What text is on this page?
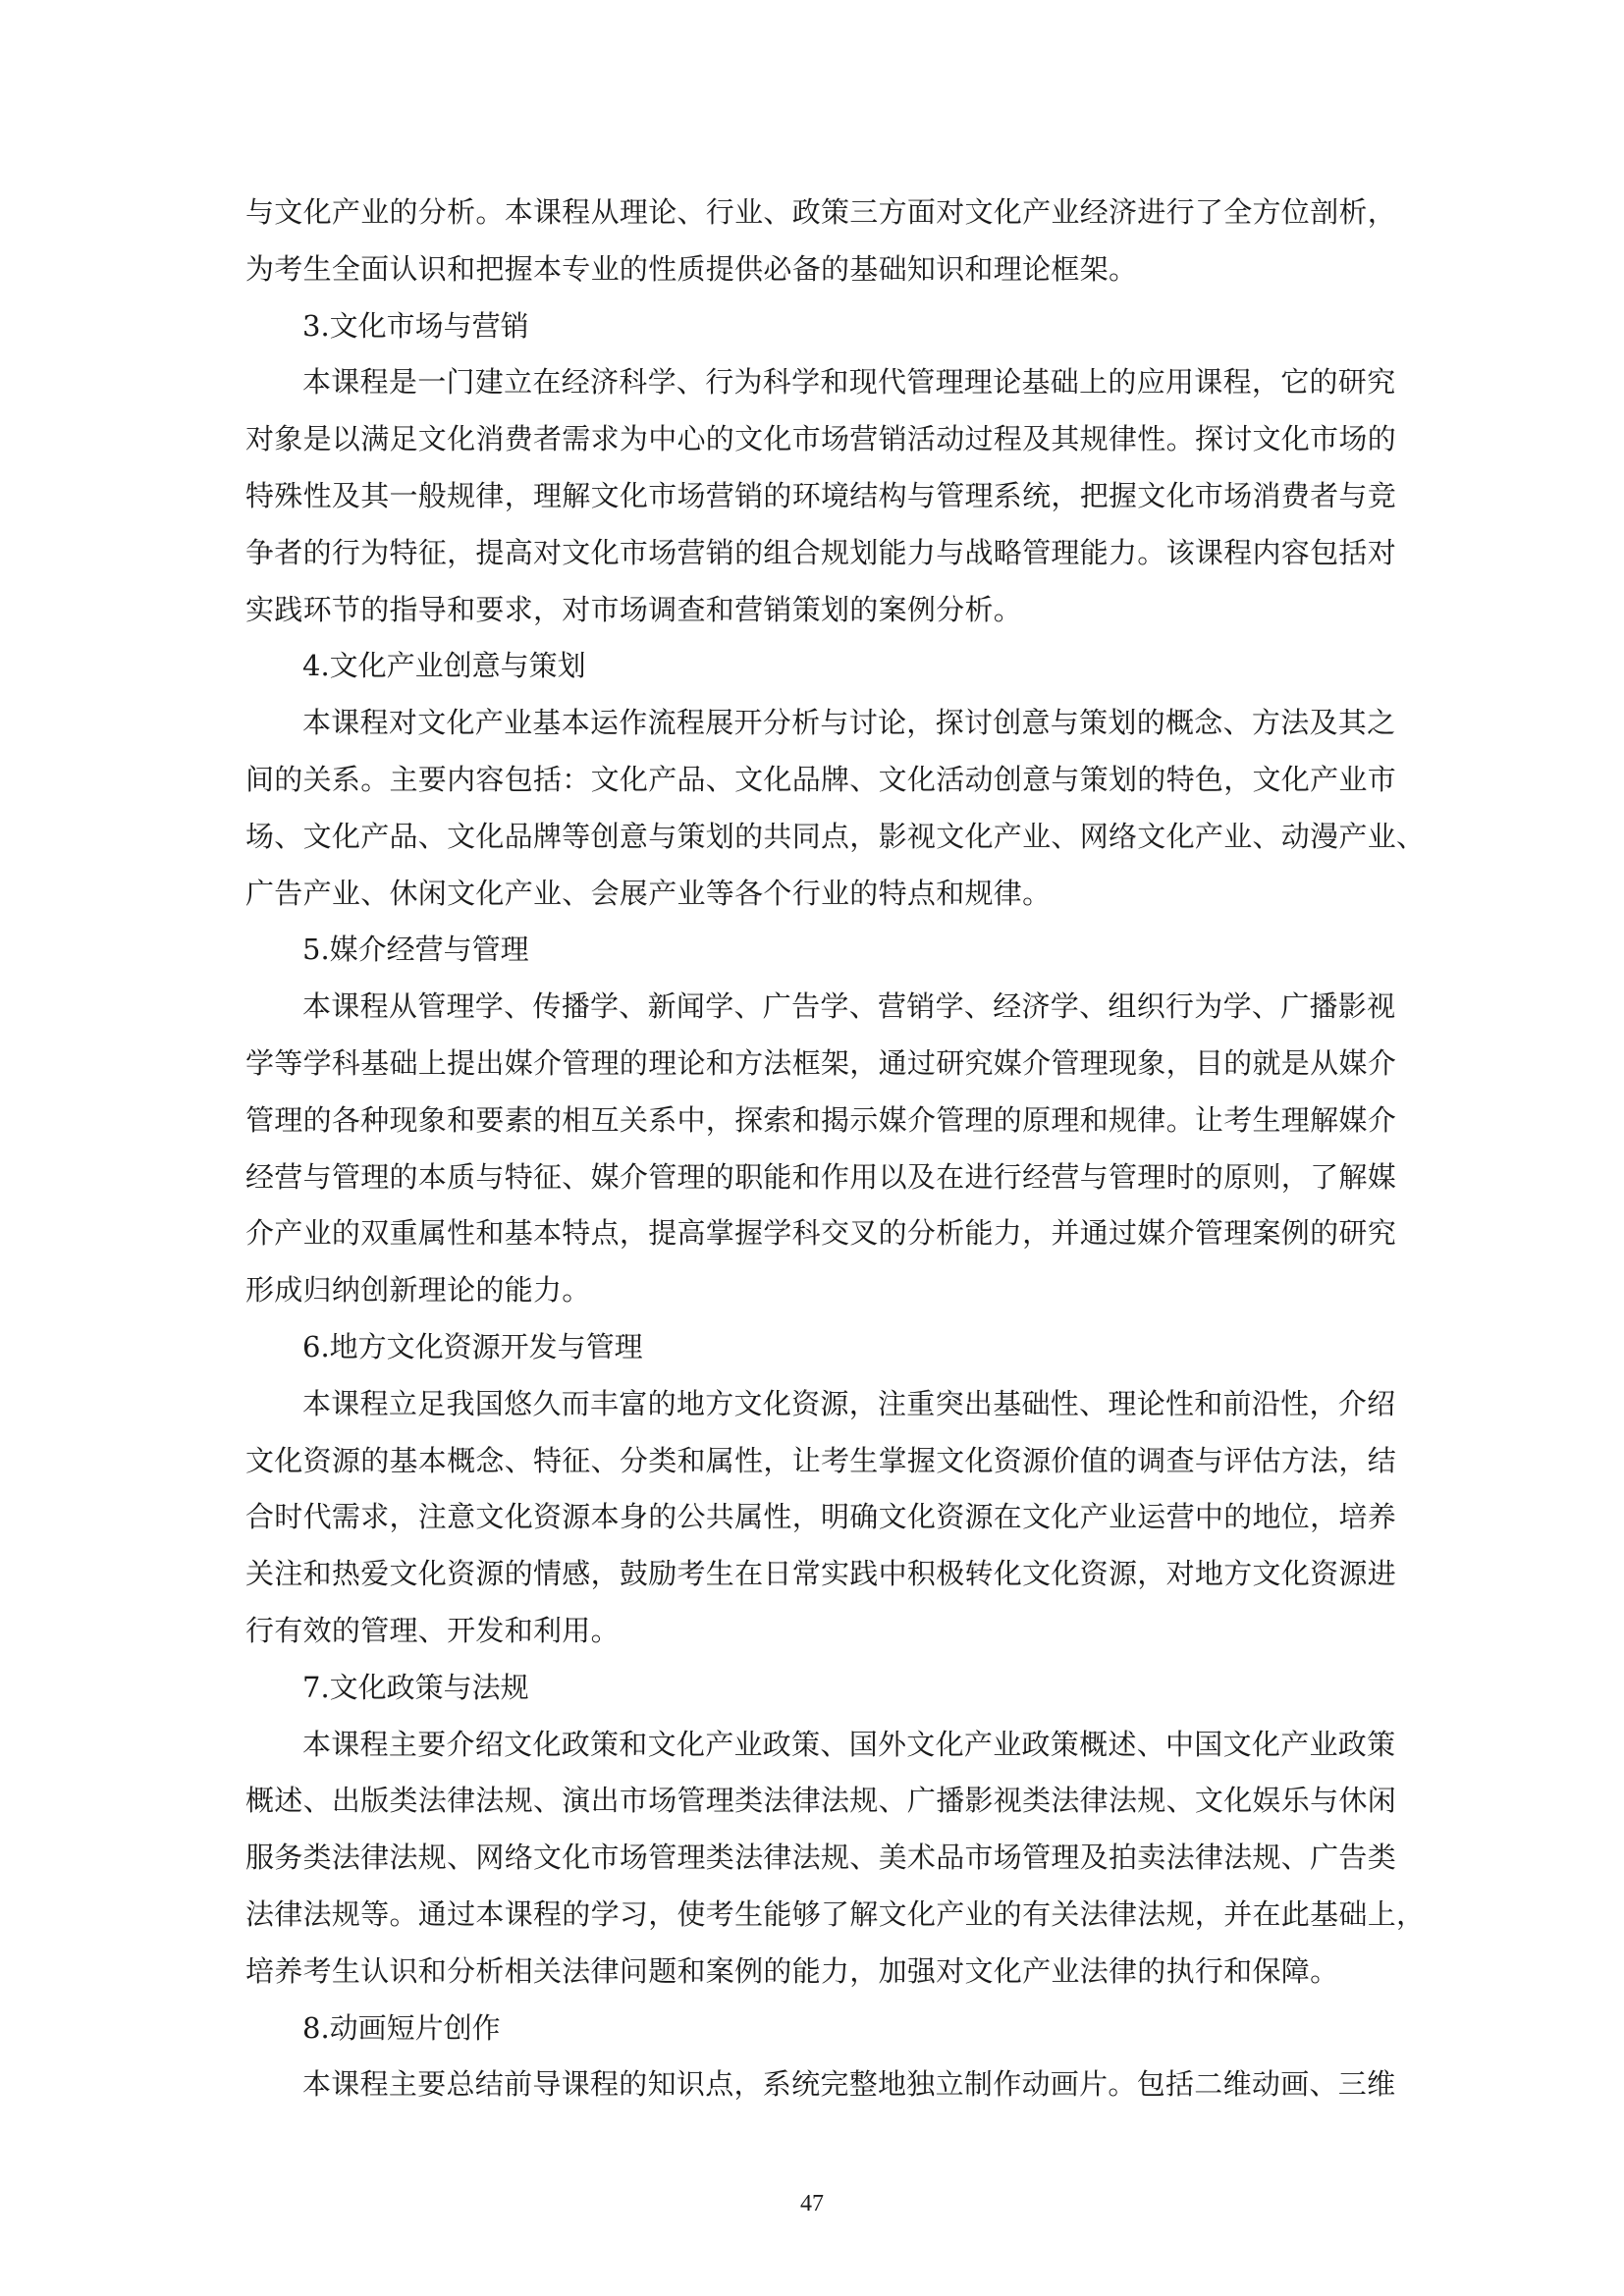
与文化产业的分析。本课程从理论、行业、政策三方面对文化产业经济进行了全方位剖析，
为考生全面认识和把握本专业的性质提供必备的基础知识和理论框架。
3.文化市场与营销
本课程是一门建立在经济科学、行为科学和现代管理理论基础上的应用课程，它的研究
对象是以满足文化消费者需求为中心的文化市场营销活动过程及其规律性。探讨文化市场的
特殊性及其一般规律，理解文化市场营销的环境结构与管理系统，把握文化市场消费者与竞
争者的行为特征，提高对文化市场营销的组合规划能力与战略管理能力。该课程内容包括对
实践环节的指导和要求，对市场调查和营销策划的案例分析。
4.文化产业创意与策划
本课程对文化产业基本运作流程展开分析与讨论，探讨创意与策划的概念、方法及其之
间的关系。主要内容包括：文化产品、文化品牌、文化活动创意与策划的特色，文化产业市
场、文化产品、文化品牌等创意与策划的共同点，影视文化产业、网络文化产业、动漫产业、
广告产业、休闲文化产业、会展产业等各个行业的特点和规律。
5.媒介经营与管理
本课程从管理学、传播学、新闻学、广告学、营销学、经济学、组织行为学、广播影视
学等学科基础上提出媒介管理的理论和方法框架，通过研究媒介管理现象，目的就是从媒介
管理的各种现象和要素的相互关系中，探索和揭示媒介管理的原理和规律。让考生理解媒介
经营与管理的本质与特征、媒介管理的职能和作用以及在进行经营与管理时的原则，了解媒
介产业的双重属性和基本特点，提高掌握学科交叉的分析能力，并通过媒介管理案例的研究
形成归纳创新理论的能力。
6.地方文化资源开发与管理
本课程立足我国悠久而丰富的地方文化资源，注重突出基础性、理论性和前沿性，介绍
文化资源的基本概念、特征、分类和属性，让考生掌握文化资源价值的调查与评估方法，结
合时代需求，注意文化资源本身的公共属性，明确文化资源在文化产业运营中的地位，培养
关注和热爱文化资源的情感，鼓励考生在日常实践中积极转化文化资源，对地方文化资源进
行有效的管理、开发和利用。
7.文化政策与法规
本课程主要介绍文化政策和文化产业政策、国外文化产业政策概述、中国文化产业政策
概述、出版类法律法规、演出市场管理类法律法规、广播影视类法律法规、文化娱乐与休闲
服务类法律法规、网络文化市场管理类法律法规、美术品市场管理及拍卖法律法规、广告类
法律法规等。通过本课程的学习，使考生能够了解文化产业的有关法律法规，并在此基础上，
培养考生认识和分析相关法律问题和案例的能力，加强对文化产业法律的执行和保障。
8.动画短片创作
本课程主要总结前导课程的知识点，系统完整地独立制作动画片。包括二维动画、三维
47
